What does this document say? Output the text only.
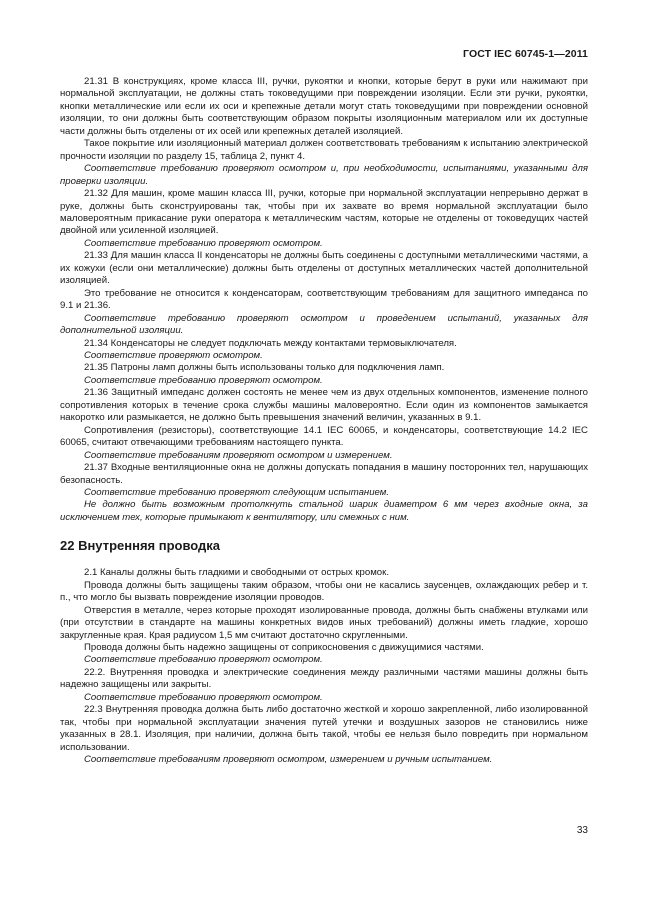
ГОСТ IEC 60745-1—2011

21.31 В конструкциях, кроме класса III, ручки, рукоятки и кнопки, которые берут в руки или нажимают при нормальной эксплуатации, не должны стать токоведущими при повреждении изоляции. Если эти ручки, рукоятки, кнопки металлические или если их оси и крепежные детали могут стать токоведущими при повреждении основной изоляции, то они должны быть соответствующим образом покрыты изоляционным материалом или их доступные части должны быть отделены от их осей или крепежных деталей изоляцией.

Такое покрытие или изоляционный материал должен соответствовать требованиям к испытанию электрической прочности изоляции по разделу 15, таблица 2, пункт 4.

Соответствие требованию проверяют осмотром и, при необходимости, испытаниями, указанными для проверки изоляции.

21.32 Для машин, кроме машин класса III, ручки, которые при нормальной эксплуатации непрерывно держат в руке, должны быть сконструированы так, чтобы при их захвате во время нормальной эксплуатации было маловероятным прикасание руки оператора к металлическим частям, которые не отделены от токоведущих частей двойной или усиленной изоляцией.

Соответствие требованию проверяют осмотром.

21.33 Для машин класса II конденсаторы не должны быть соединены с доступными металлическими частями, а их кожухи (если они металлические) должны быть отделены от доступных металлических частей дополнительной изоляцией.

Это требование не относится к конденсаторам, соответствующим требованиям для защитного импеданса по 9.1 и 21.36.

Соответствие требованию проверяют осмотром и проведением испытаний, указанных для дополнительной изоляции.

21.34 Конденсаторы не следует подключать между контактами термовыключателя.

Соответствие проверяют осмотром.

21.35 Патроны ламп должны быть использованы только для подключения ламп.

Соответствие требованию проверяют осмотром.

21.36 Защитный импеданс должен состоять не менее чем из двух отдельных компонентов, изменение полного сопротивления которых в течение срока службы машины маловероятно. Если один из компонентов замыкается накоротко или размыкается, не должно быть превышения значений величин, указанных в 9.1.

Сопротивления (резисторы), соответствующие 14.1 IEC 60065, и конденсаторы, соответствующие 14.2 IEC 60065, считают отвечающими требованиям настоящего пункта.

Соответствие требованиям проверяют осмотром и измерением.

21.37 Входные вентиляционные окна не должны допускать попадания в машину посторонних тел, нарушающих безопасность.

Соответствие требованию проверяют следующим испытанием.

Не должно быть возможным протолкнуть стальной шарик диаметром 6 мм через входные окна, за исключением тех, которые примыкают к вентилятору, или смежных с ним.

22 Внутренняя проводка

2.1 Каналы должны быть гладкими и свободными от острых кромок.

Провода должны быть защищены таким образом, чтобы они не касались заусенцев, охлаждающих ребер и т. п., что могло бы вызвать повреждение изоляции проводов.

Отверстия в металле, через которые проходят изолированные провода, должны быть снабжены втулками или (при отсутствии в стандарте на машины конкретных видов иных требований) должны иметь гладкие, хорошо закругленные края. Края радиусом 1,5 мм считают достаточно скругленными.

Провода должны быть надежно защищены от соприкосновения с движущимися частями.

Соответствие требованию проверяют осмотром.

22.2. Внутренняя проводка и электрические соединения между различными частями машины должны быть надежно защищены или закрыты.

Соответствие требованию проверяют осмотром.

22.3 Внутренняя проводка должна быть либо достаточно жесткой и хорошо закрепленной, либо изолированной так, чтобы при нормальной эксплуатации значения путей утечки и воздушных зазоров не становились ниже указанных в 28.1. Изоляция, при наличии, должна быть такой, чтобы ее нельзя было повредить при нормальном использовании.

Соответствие требованиям проверяют осмотром, измерением и ручным испытанием.

33
